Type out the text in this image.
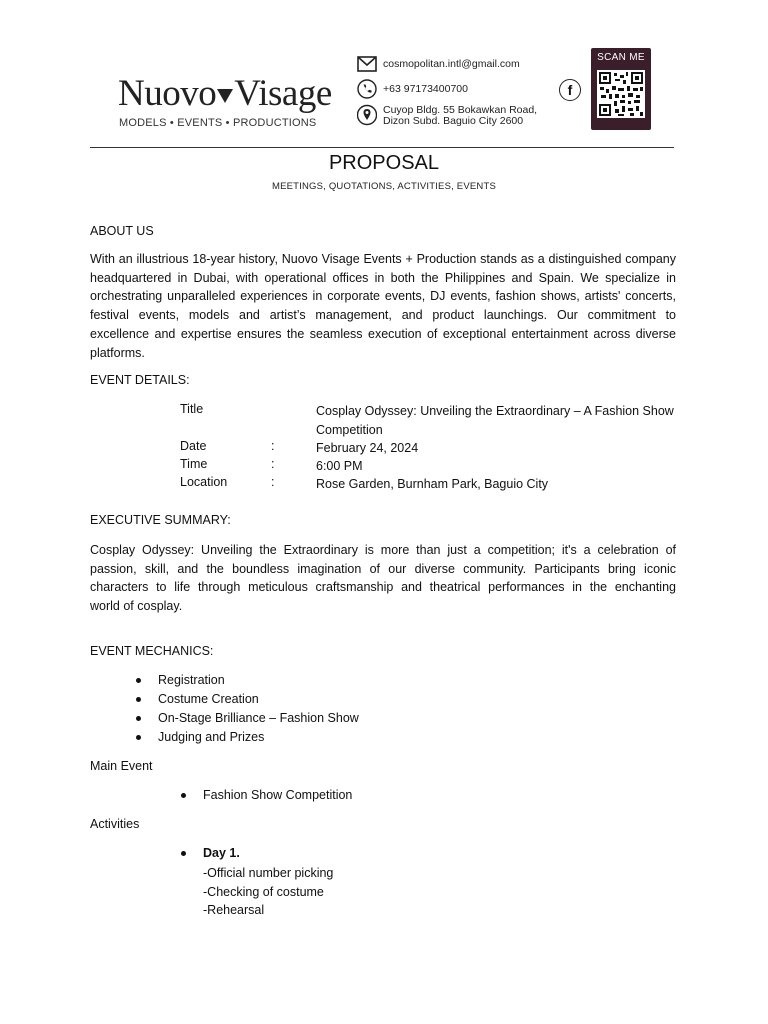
Nuovo Visage
MODELS • EVENTS • PRODUCTIONS
cosmopolitan.intl@gmail.com
+63 97173400700
Cuyop Bldg. 55 Bokawkan Road,
Dizon Subd. Baguio City 2600
f
SCAN ME
PROPOSAL
MEETINGS, QUOTATIONS, ACTIVITIES, EVENTS
ABOUT US
With an illustrious 18-year history, Nuovo Visage Events + Production stands as a distinguished company
headquartered in Dubai, with operational offices in both the Philippines and Spain. We specialize in
orchestrating unparalleled experiences in corporate events, DJ events, fashion shows, artists' concerts,
festival events, models and artist’s management, and product launchings. Our commitment to
excellence and expertise ensures the seamless execution of exceptional entertainment across diverse
platforms.
EVENT DETAILS:
Title	Cosplay Odyssey: Unveiling the Extraordinary – A Fashion Show
Competition
Date	:	February 24, 2024
Time	:	6:00 PM
Location	:	Rose Garden, Burnham Park, Baguio City
EXECUTIVE SUMMARY:
Cosplay Odyssey: Unveiling the Extraordinary is more than just a competition; it's a celebration of
passion, skill, and the boundless imagination of our diverse community. Participants bring iconic
characters to life through meticulous craftsmanship and theatrical performances in the enchanting
world of cosplay.
EVENT MECHANICS:
Registration
Costume Creation
On-Stage Brilliance – Fashion Show
Judging and Prizes
Main Event
Fashion Show Competition
Activities
Day 1.
-Official number picking
-Checking of costume
-Rehearsal
